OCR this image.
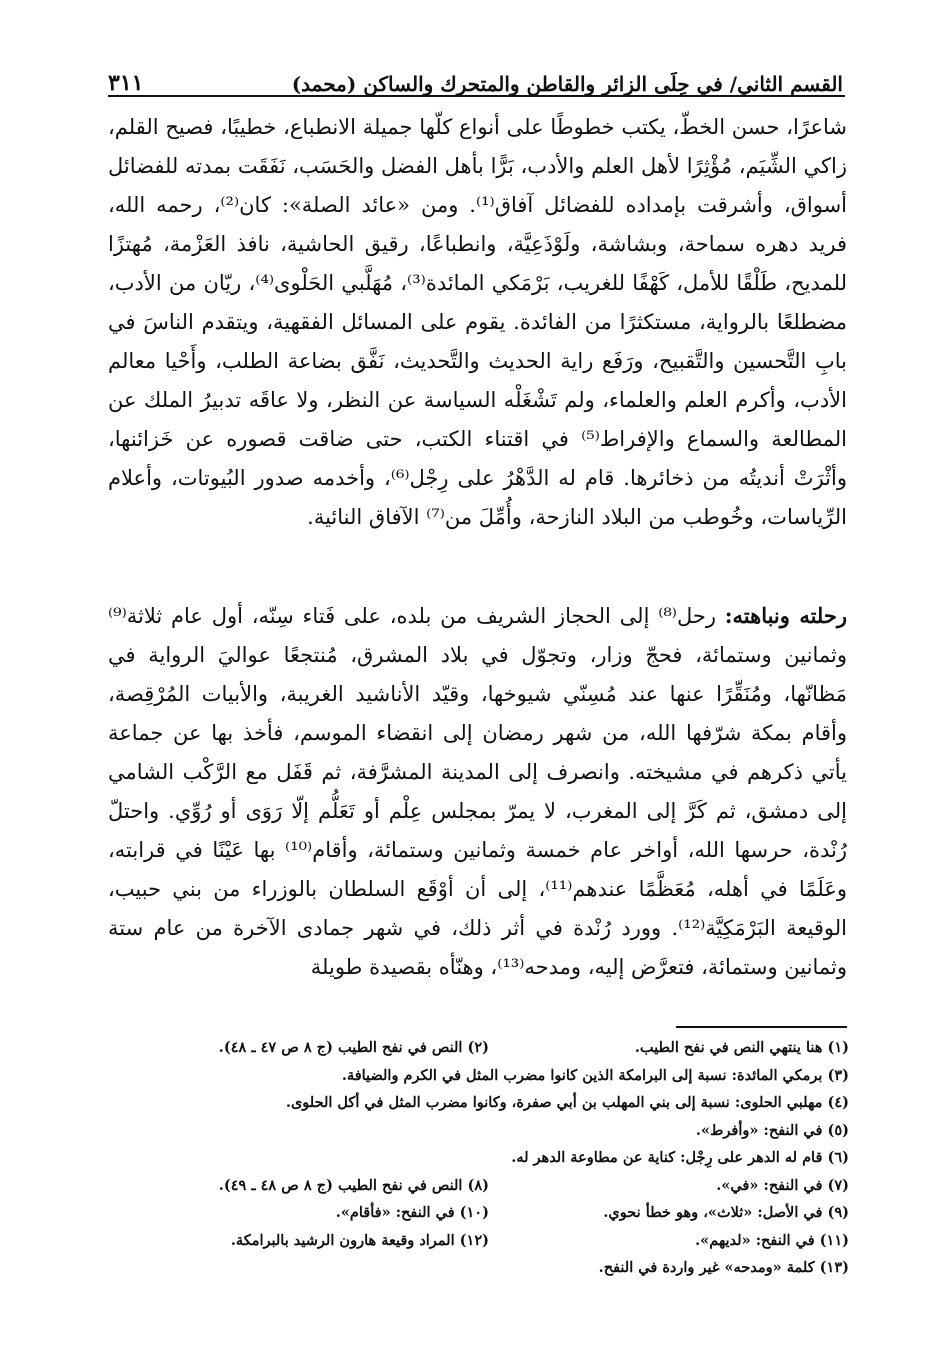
القسم الثاني/ في حِلَى الزائر والقاطن والمتحرك والساكن (محمد)
٣١١
شاعرًا، حسن الخطّ، يكتب خطوطًا على أنواع كلّها جميلة الانطباع، خطيبًا، فصيح القلم، زاكي الشِّيَم، مُؤْثِرًا لأهل العلم والأدب، بَرًّا بأهل الفضل والحَسَب، نَفَقَت بمدته للفضائل أسواق، وأشرقت بإمداده للفضائل آفاق⁽¹⁾. ومن «عائد الصلة»: كان⁽²⁾، رحمه الله، فريد دهره سماحة، وبشاشة، ولَوْذَعِيَّة، وانطباعًا، رقيق الحاشية، نافذ العَزْمة، مُهتزًا للمديح، طَلْقًا للأمل، كَهْفًا للغريب، بَرْمَكي المائدة⁽³⁾، مُهَلَّبي الحَلْوى⁽⁴⁾، ريّان من الأدب، مضطلعًا بالرواية، مستكثرًا من الفائدة. يقوم على المسائل الفقهية، ويتقدم الناسَ في بابِ التَّحسين والتَّقبيح، ورَفَع راية الحديث والتَّحديث، نَفَّق بضاعة الطلب، وأَحْيا معالم الأدب، وأكرم العلم والعلماء، ولم تَشْغَلْه السياسة عن النظر، ولا عاقَه تدبيرُ الملك عن المطالعة والسماع والإفراط⁽⁵⁾ في اقتناء الكتب، حتى ضاقت قصوره عن خَزائنها، وأثْرَتْ أنديتُه من ذخائرها. قام له الدَّهْرُ على رِجْل⁽⁶⁾، وأخدمه صدور البُيوتات، وأعلام الرِّياسات، وخُوطب من البلاد النازحة، وأُمِّلَ من⁽⁷⁾ الآفاق النائية.
رحلته ونباهته: رحل⁽⁸⁾ إلى الحجاز الشريف من بلده، على فَتاء سِنّه، أول عام ثلاثة⁽⁹⁾ وثمانين وستمائة، فحجّ وزار، وتجوّل في بلاد المشرق، مُنتجعًا عواليَ الرواية في مَظانّها، ومُنَقِّرًا عنها عند مُسِنّي شيوخها، وقيّد الأناشيد الغريبة، والأبيات المُرْقِصة، وأقام بمكة شرّفها الله، من شهر رمضان إلى انقضاء الموسم، فأخذ بها عن جماعة يأتي ذكرهم في مشيخته. وانصرف إلى المدينة المشرَّفة، ثم قَفَل مع الرَّكْب الشامي إلى دمشق، ثم كَرَّ إلى المغرب، لا يمرّ بمجلس عِلْم أو تَعَلُّم إلّا رَوَى أو رُوِّي. واحتلّ رُنْدة، حرسها الله، أواخر عام خمسة وثمانين وستمائة، وأقام⁽¹⁰⁾ بها عَيْنًا في قرابته، وعَلَمًا في أهله، مُعَظَّمًا عندهم⁽¹¹⁾، إلى أن أوْقَع السلطان بالوزراء من بني حبيب، الوقيعة البَرْمَكِيَّة⁽¹²⁾. وورد رُنْدة في أثر ذلك، في شهر جمادى الآخرة من عام ستة وثمانين وستمائة، فتعرَّض إليه، ومدحه⁽¹³⁾، وهنّأه بقصيدة طويلة
(١) هنا ينتهي النص في نفح الطيب.
(٢) النص في نفح الطيب (ج ٨ ص ٤٧ ـ ٤٨).
(٣) برمكي المائدة: نسبة إلى البرامكة الذين كانوا مضرب المثل في الكرم والضيافة.
(٤) مهلبي الحلوى: نسبة إلى بني المهلب بن أبي صفرة، وكانوا مضرب المثل في أكل الحلوى.
(٥) في النفح: «وأفرط».
(٦) قام له الدهر على رِجْل: كناية عن مطاوعة الدهر له.
(٧) في النفح: «في».
(٨) النص في نفح الطيب (ج ٨ ص ٤٨ ـ ٤٩).
(٩) في الأصل: «ثلاث»، وهو خطأ نحوي.
(١٠) في النفح: «فأقام».
(١١) في النفح: «لديهم».
(١٢) المراد وقيعة هارون الرشيد بالبرامكة.
(١٣) كلمة «ومدحه» غير واردة في النفح.
